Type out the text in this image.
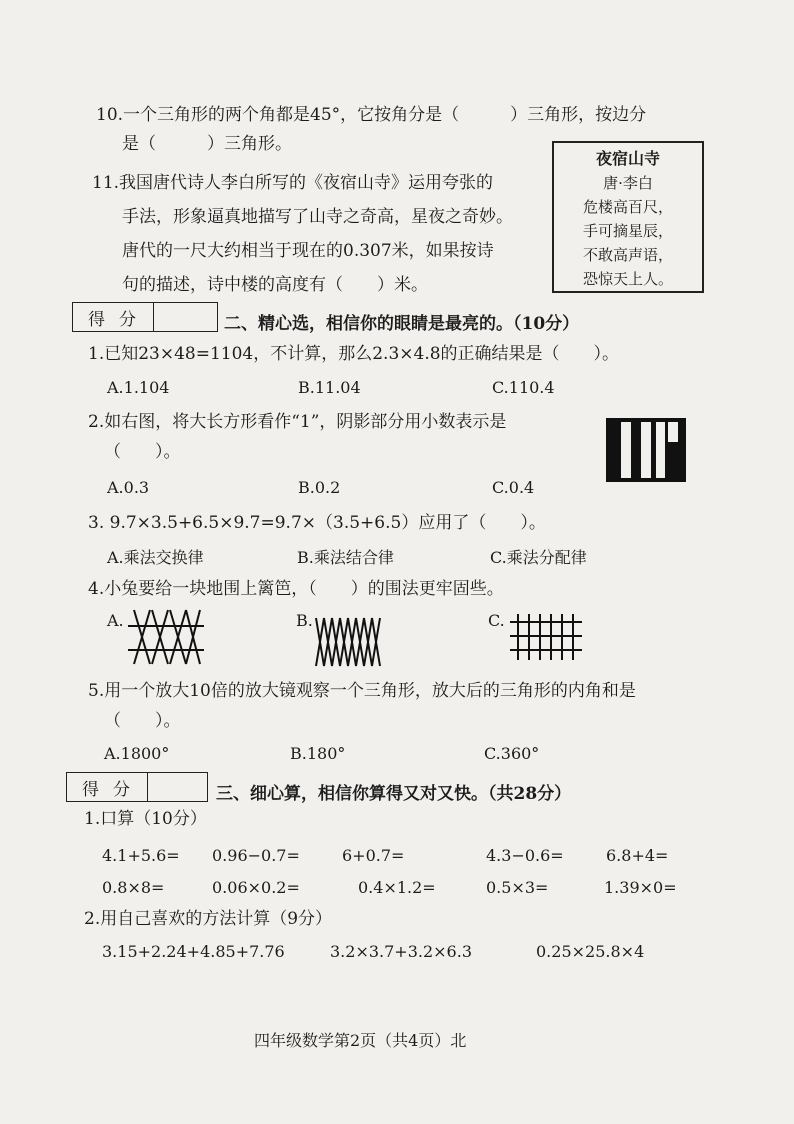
10.一个三角形的两个角都是45°，它按角分是（　　　）三角形，按边分
是（　　　）三角形。
11.我国唐代诗人李白所写的《夜宿山寺》运用夸张的
手法，形象逼真地描写了山寺之奇高，星夜之奇妙。
唐代的一尺大约相当于现在的0.307米，如果按诗
句的描述，诗中楼的高度有（　　）米。
夜宿山寺
唐·李白
危楼高百尺，
手可摘星辰，
不敢高声语，
恐惊天上人。
得分	二、精心选，相信你的眼睛是最亮的。（10分）
1.已知23×48=1104，不计算，那么2.3×4.8的正确结果是（　　）。
A.1.104	B.11.04	C.110.4
2.如右图，将大长方形看作“1”，阴影部分用小数表示是
（　　）。
A.0.3	B.0.2	C.0.4
3. 9.7×3.5+6.5×9.7=9.7×（3.5+6.5）应用了（　　）。
A.乘法交换律	B.乘法结合律	C.乘法分配律
4.小兔要给一块地围上篱笆，（　　）的围法更牢固些。
A.	B.	C.
5.用一个放大10倍的放大镜观察一个三角形，放大后的三角形的内角和是
（　　）。
A.1800°	B.180°	C.360°
得分	三、细心算，相信你算得又对又快。（共28分）
1.口算（10分）
4.1+5.6= 0.96−0.7=	6+0.7=	4.3−0.6=	6.8+4=
0.8×8=	0.06×0.2=	0.4×1.2=	0.5×3=	1.39×0=
2.用自己喜欢的方法计算（9分）
3.15+2.24+4.85+7.76	3.2×3.7+3.2×6.3	0.25×25.8×4
四年级数学第2页（共4页）北
